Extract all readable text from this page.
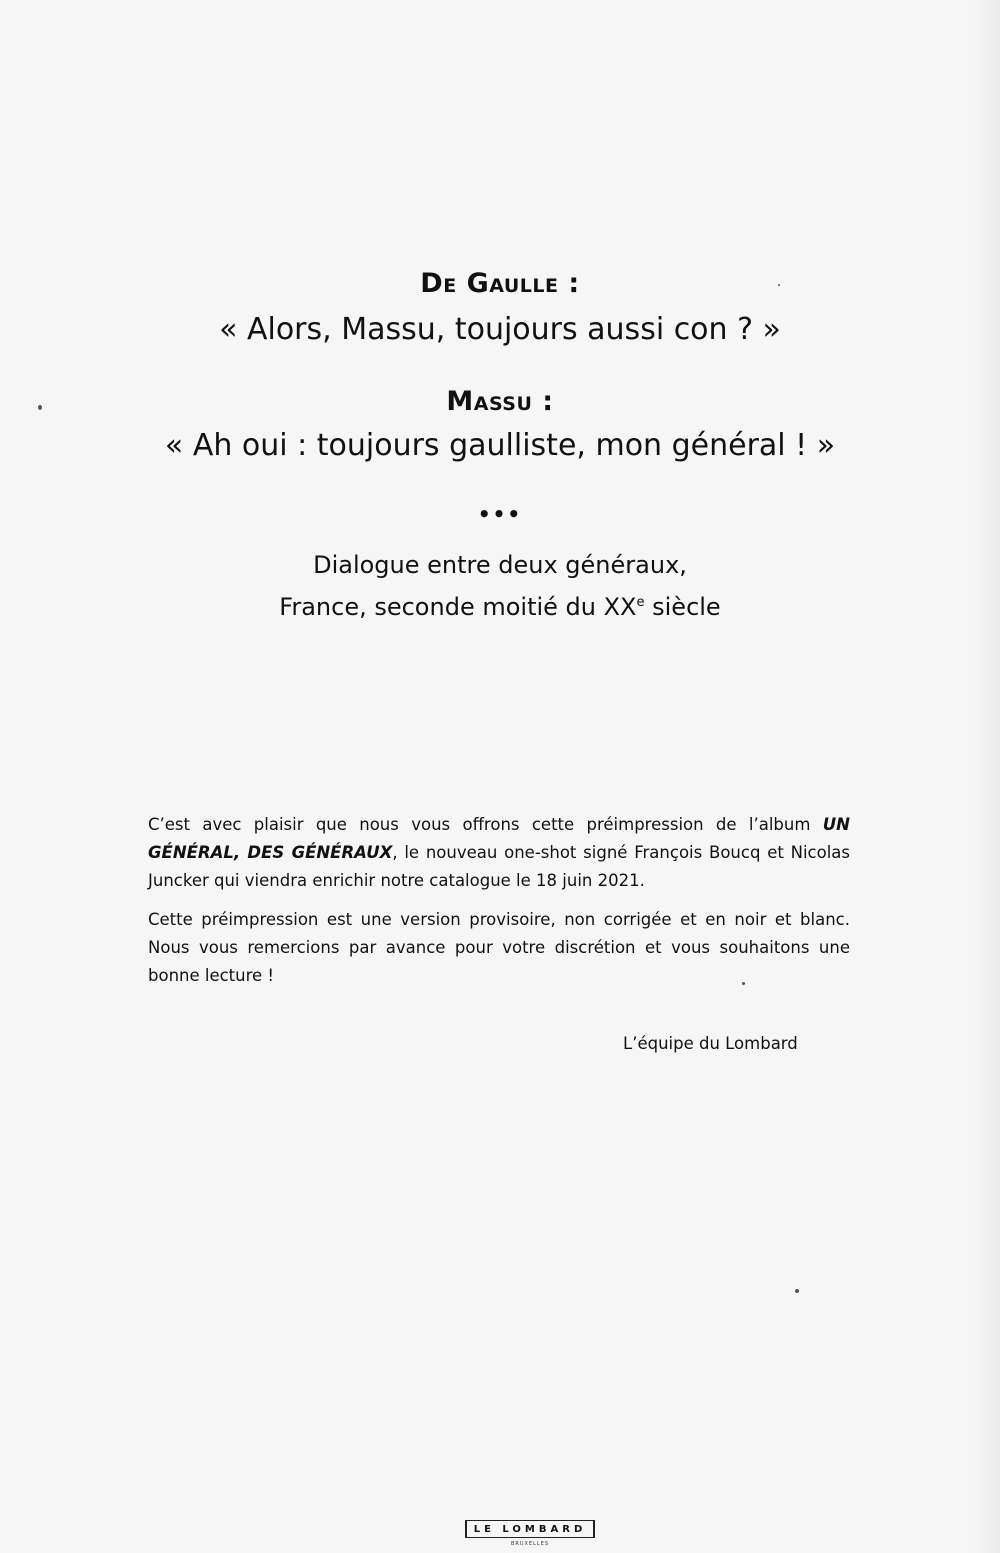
De Gaulle :
« Alors, Massu, toujours aussi con ? »
Massu :
« Ah oui : toujours gaulliste, mon général ! »
•••
Dialogue entre deux généraux,
France, seconde moitié du XXe siècle

C’est avec plaisir que nous vous offrons cette préimpression de l’album UN GÉNÉRAL, DES GÉNÉRAUX, le nouveau one-shot signé François Boucq et Nicolas Juncker qui viendra enrichir notre catalogue le 18 juin 2021.

Cette préimpression est une version provisoire, non corrigée et en noir et blanc. Nous vous remercions par avance pour votre discrétion et vous souhaitons une bonne lecture !

L’équipe du Lombard
LE LOMBARD
BRUXELLES
